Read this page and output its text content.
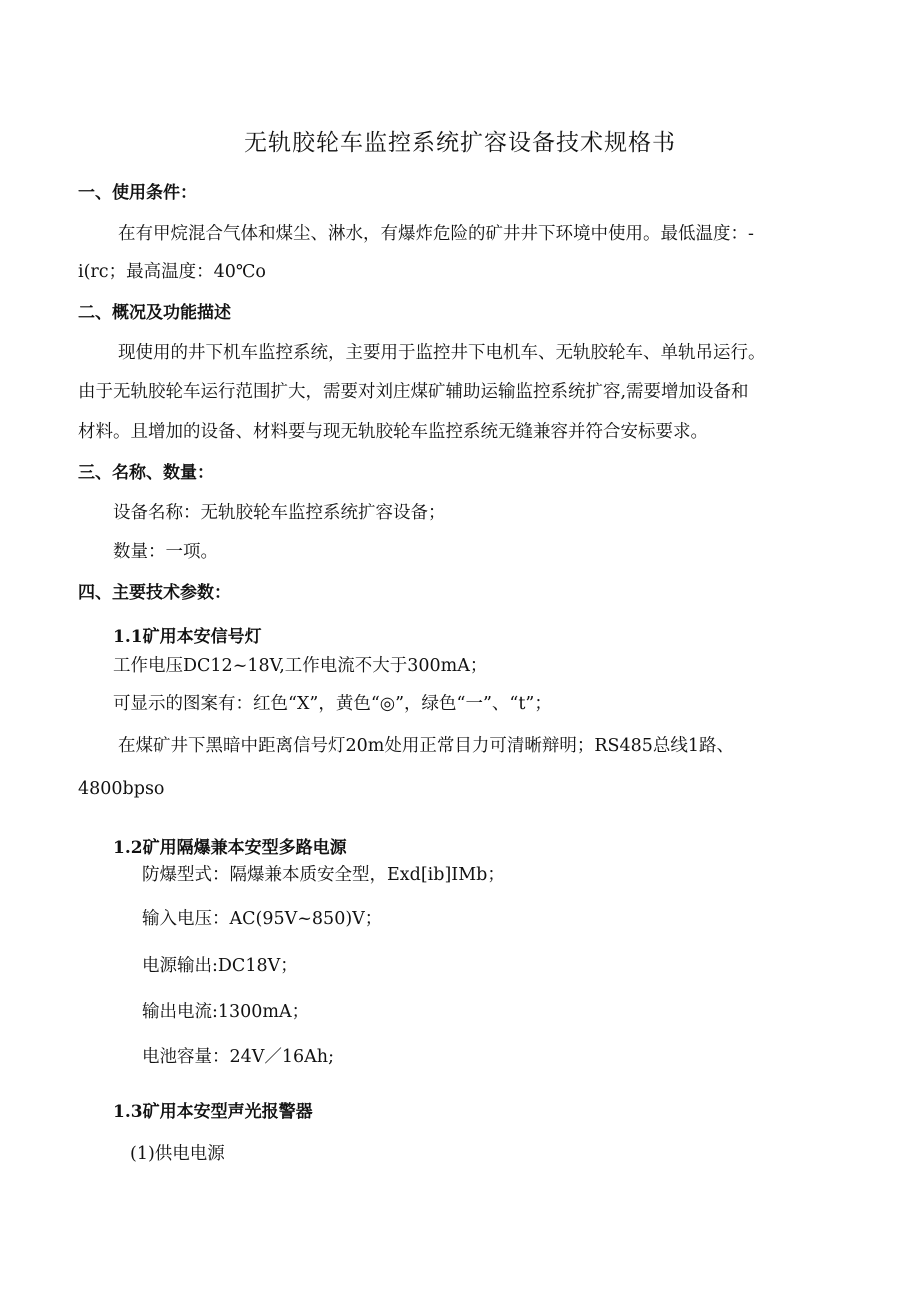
无轨胶轮车监控系统扩容设备技术规格书

一、使用条件：

在有甲烷混合气体和煤尘、淋水，有爆炸危险的矿井井下环境中使用。最低温度：-

i(rc；最高温度：40℃o

二、概况及功能描述

现使用的井下机车监控系统，主要用于监控井下电机车、无轨胶轮车、单轨吊运行。

由于无轨胶轮车运行范围扩大，需要对刘庄煤矿辅助运输监控系统扩容,需要增加设备和

材料。且增加的设备、材料要与现无轨胶轮车监控系统无缝兼容并符合安标要求。

三、名称、数量：

设备名称：无轨胶轮车监控系统扩容设备；

数量：一项。

四、主要技术参数：

1.1矿用本安信号灯

工作电压DC12~18V,工作电流不大于300mA；

可显示的图案有：红色“X”，黄色“◎”，绿色“一”、“t”；

在煤矿井下黑暗中距离信号灯20m处用正常目力可清晰辩明；RS485总线1路、

4800bpso

1.2矿用隔爆兼本安型多路电源

防爆型式：隔爆兼本质安全型，Exd[ib]IMb；

输入电压：AC(95V~850)V；

电源输出:DC18V；

输出电流:1300mA；

电池容量：24V／16Ah;

1.3矿用本安型声光报警器

(1)供电电源
